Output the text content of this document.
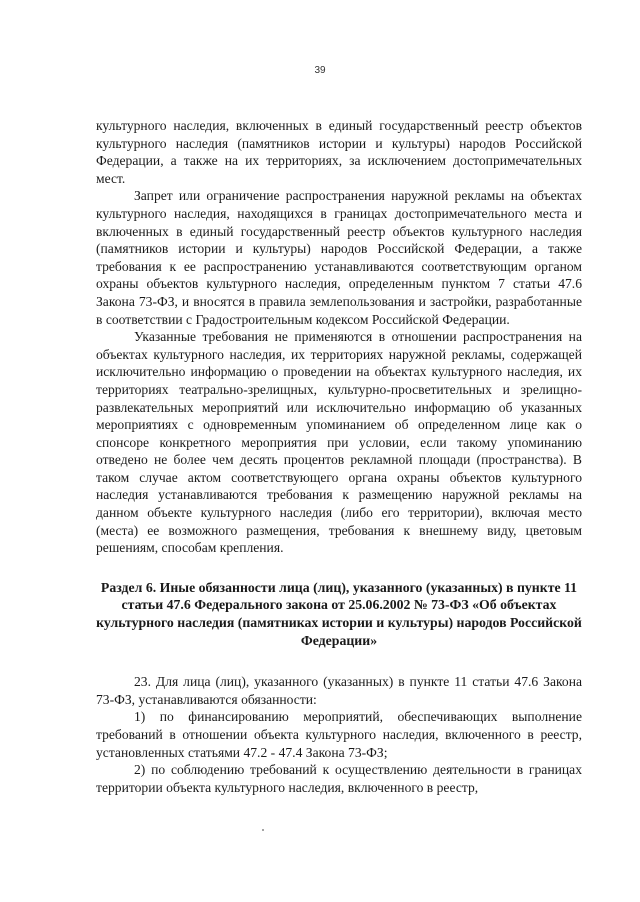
39

культурного наследия, включенных в единый государственный реестр объектов культурного наследия (памятников истории и культуры) народов Российской Федерации, а также на их территориях, за исключением достопримечательных мест.

Запрет или ограничение распространения наружной рекламы на объектах культурного наследия, находящихся в границах достопримечательного места и включенных в единый государственный реестр объектов культурного наследия (памятников истории и культуры) народов Российской Федерации, а также требования к ее распространению устанавливаются соответствующим органом охраны объектов культурного наследия, определенным пунктом 7 статьи 47.6 Закона 73-ФЗ, и вносятся в правила землепользования и застройки, разработанные в соответствии с Градостроительным кодексом Российской Федерации.

Указанные требования не применяются в отношении распространения на объектах культурного наследия, их территориях наружной рекламы, содержащей исключительно информацию о проведении на объектах культурного наследия, их территориях театрально-зрелищных, культурно-просветительных и зрелищно-развлекательных мероприятий или исключительно информацию об указанных мероприятиях с одновременным упоминанием об определенном лице как о спонсоре конкретного мероприятия при условии, если такому упоминанию отведено не более чем десять процентов рекламной площади (пространства). В таком случае актом соответствующего органа охраны объектов культурного наследия устанавливаются требования к размещению наружной рекламы на данном объекте культурного наследия (либо его территории), включая место (места) ее возможного размещения, требования к внешнему виду, цветовым решениям, способам крепления.

Раздел 6. Иные обязанности лица (лиц), указанного (указанных) в пункте 11 статьи 47.6 Федерального закона от 25.06.2002 № 73-ФЗ «Об объектах культурного наследия (памятниках истории и культуры) народов Российской Федерации»

23. Для лица (лиц), указанного (указанных) в пункте 11 статьи 47.6 Закона 73-ФЗ, устанавливаются обязанности:

1) по финансированию мероприятий, обеспечивающих выполнение требований в отношении объекта культурного наследия, включенного в реестр, установленных статьями 47.2 - 47.4 Закона 73-ФЗ;

2) по соблюдению требований к осуществлению деятельности в границах территории объекта культурного наследия, включенного в реестр,
